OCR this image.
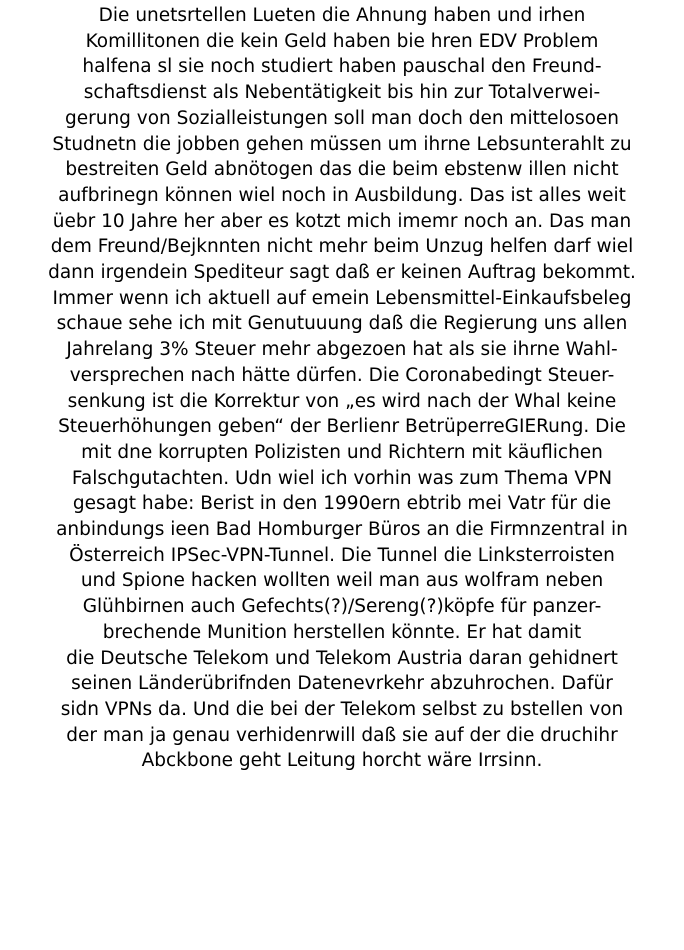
Die unetsrtellen Lueten die Ahnung haben und irhen
Komillitonen die kein Geld haben bie hren EDV Problem
halfena sl sie noch studiert haben pauschal den Freund-
schaftsdienst als Nebentätigkeit bis hin zur Totalverwei-
gerung von Sozialleistungen soll man doch den mittelosoen
Studnetn die jobben gehen müssen um ihrne Lebsunterahlt zu
bestreiten Geld abnötogen das die beim ebstenw illen nicht
aufbrinegn können wiel noch in Ausbildung. Das ist alles weit
üebr 10 Jahre her aber es kotzt mich imemr noch an. Das man
dem Freund/Bejknnten nicht mehr beim Unzug helfen darf wiel
dann irgendein Spediteur sagt daß er keinen Auftrag bekommt.
Immer wenn ich aktuell auf emein Lebensmittel-Einkaufsbeleg
schaue sehe ich mit Genutuuung daß die Regierung uns allen
Jahrelang 3% Steuer mehr abgezoen hat als sie ihrne Wahl-
versprechen nach hätte dürfen. Die Coronabedingt Steuer-
senkung ist die Korrektur von „es wird nach der Whal keine
Steuerhöhungen geben“ der Berlienr BetrüperreGIERung. Die
mit dne korrupten Polizisten und Richtern mit käuflichen
Falschgutachten. Udn wiel ich vorhin was zum Thema VPN
gesagt habe: Berist in den 1990ern ebtrib mei Vatr für die
anbindungs ieen Bad Homburger Büros an die Firmnzentral in
Österreich IPSec-VPN-Tunnel. Die Tunnel die Linksterroisten
und Spione hacken wollten weil man aus wolfram neben
Glühbirnen auch Gefechts(?)/Sereng(?)köpfe für panzer-
brechende Munition herstellen könnte. Er hat damit
die Deutsche Telekom und Telekom Austria daran gehidnert
seinen Länderübrifnden Datenevrkehr abzuhrochen. Dafür
sidn VPNs da. Und die bei der Telekom selbst zu bstellen von
der man ja genau verhidenrwill daß sie auf der die druchihr
Abckbone geht Leitung horcht wäre Irrsinn.
